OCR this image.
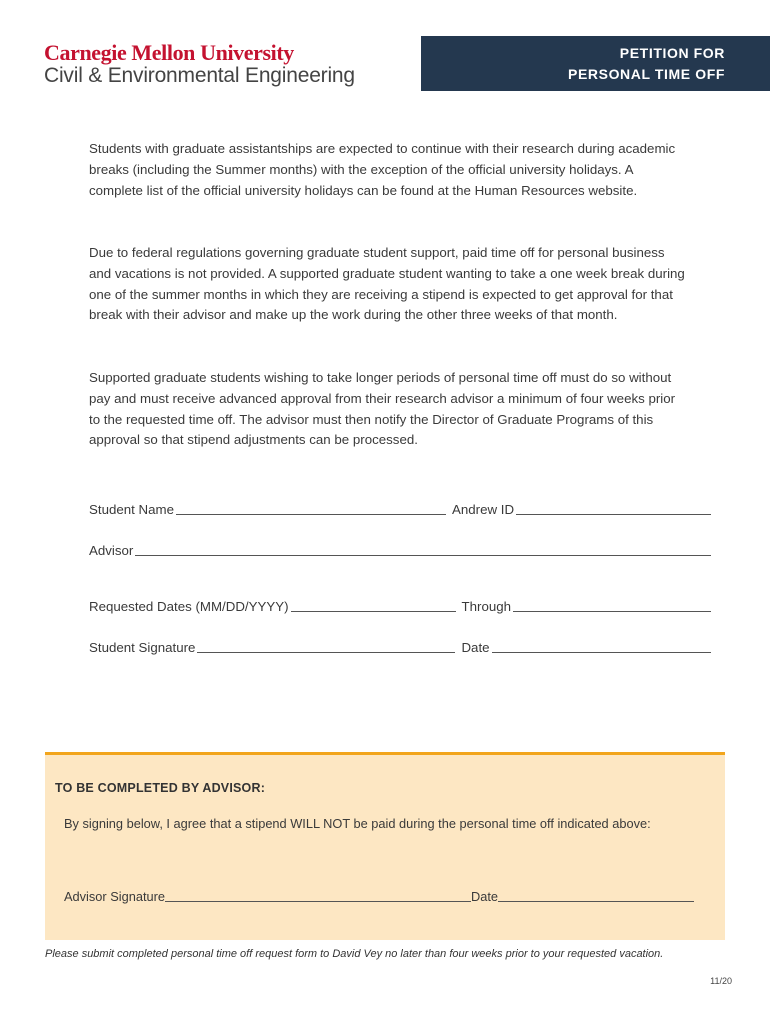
Carnegie Mellon University
Civil & Environmental Engineering
PETITION FOR
PERSONAL TIME OFF

Students with graduate assistantships are expected to continue with their research during academic breaks (including the Summer months) with the exception of the official university holidays. A complete list of the official university holidays can be found at the Human Resources website.

Due to federal regulations governing graduate student support, paid time off for personal business and vacations is not provided. A supported graduate student wanting to take a one week break during one of the summer months in which they are receiving a stipend is expected to get approval for that break with their advisor and make up the work during the other three weeks of that month.

Supported graduate students wishing to take longer periods of personal time off must do so without pay and must receive advanced approval from their research advisor a minimum of four weeks prior to the requested time off. The advisor must then notify the Director of Graduate Programs of this approval so that stipend adjustments can be processed.

Student Name	Andrew ID
Advisor
Requested Dates (MM/DD/YYYY)	Through
Student Signature	Date
TO BE COMPLETED BY ADVISOR:
By signing below, I agree that a stipend WILL NOT be paid during the personal time off indicated above:
Advisor Signature	Date
Please submit completed personal time off request form to David Vey no later than four weeks prior to your requested vacation.
11/20
